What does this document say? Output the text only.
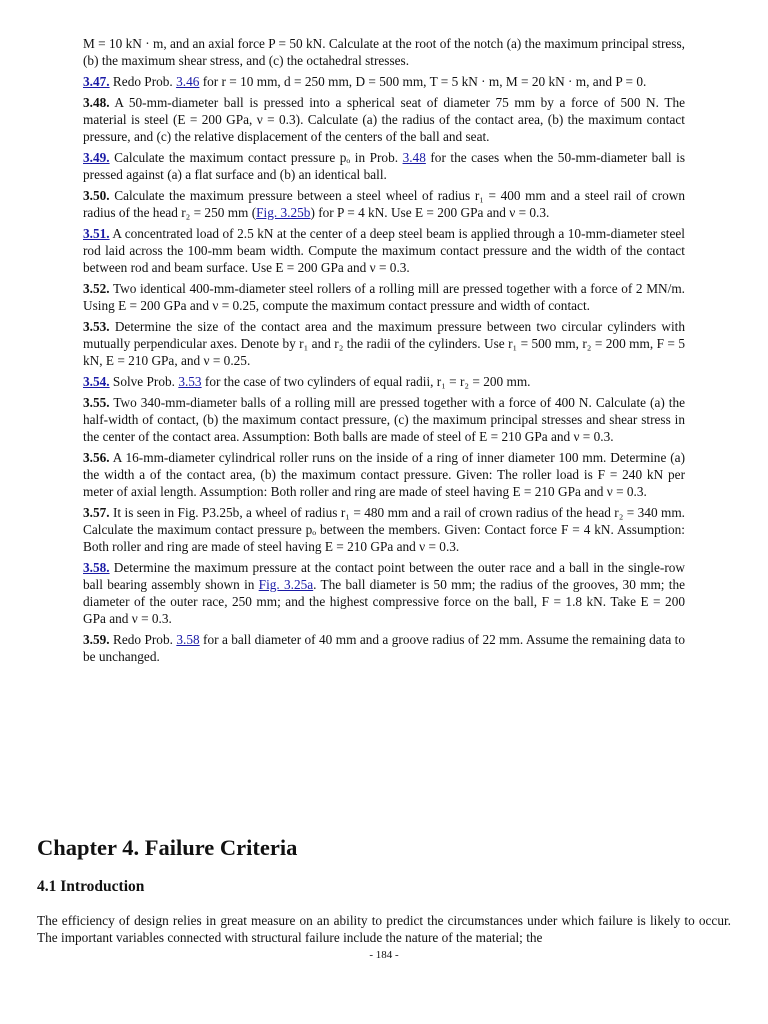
M = 10 kN · m, and an axial force P = 50 kN. Calculate at the root of the notch (a) the maximum principal stress, (b) the maximum shear stress, and (c) the octahedral stresses.

3.47. Redo Prob. 3.46 for r = 10 mm, d = 250 mm, D = 500 mm, T = 5 kN · m, M = 20 kN · m, and P = 0.

3.48. A 50-mm-diameter ball is pressed into a spherical seat of diameter 75 mm by a force of 500 N. The material is steel (E = 200 GPa, ν = 0.3). Calculate (a) the radius of the contact area, (b) the maximum contact pressure, and (c) the relative displacement of the centers of the ball and seat.

3.49. Calculate the maximum contact pressure pₒ in Prob. 3.48 for the cases when the 50-mm-diameter ball is pressed against (a) a flat surface and (b) an identical ball.

3.50. Calculate the maximum pressure between a steel wheel of radius r₁ = 400 mm and a steel rail of crown radius of the head r₂ = 250 mm (Fig. 3.25b) for P = 4 kN. Use E = 200 GPa and ν = 0.3.

3.51. A concentrated load of 2.5 kN at the center of a deep steel beam is applied through a 10-mm-diameter steel rod laid across the 100-mm beam width. Compute the maximum contact pressure and the width of the contact between rod and beam surface. Use E = 200 GPa and ν = 0.3.

3.52. Two identical 400-mm-diameter steel rollers of a rolling mill are pressed together with a force of 2 MN/m. Using E = 200 GPa and ν = 0.25, compute the maximum contact pressure and width of contact.

3.53. Determine the size of the contact area and the maximum pressure between two circular cylinders with mutually perpendicular axes. Denote by r₁ and r₂ the radii of the cylinders. Use r₁ = 500 mm, r₂ = 200 mm, F = 5 kN, E = 210 GPa, and ν = 0.25.

3.54. Solve Prob. 3.53 for the case of two cylinders of equal radii, r₁ = r₂ = 200 mm.

3.55. Two 340-mm-diameter balls of a rolling mill are pressed together with a force of 400 N. Calculate (a) the half-width of contact, (b) the maximum contact pressure, (c) the maximum principal stresses and shear stress in the center of the contact area. Assumption: Both balls are made of steel of E = 210 GPa and ν = 0.3.

3.56. A 16-mm-diameter cylindrical roller runs on the inside of a ring of inner diameter 100 mm. Determine (a) the width a of the contact area, (b) the maximum contact pressure. Given: The roller load is F = 240 kN per meter of axial length. Assumption: Both roller and ring are made of steel having E = 210 GPa and ν = 0.3.

3.57. It is seen in Fig. P3.25b, a wheel of radius r₁ = 480 mm and a rail of crown radius of the head r₂ = 340 mm. Calculate the maximum contact pressure pₒ between the members. Given: Contact force F = 4 kN. Assumption: Both roller and ring are made of steel having E = 210 GPa and ν = 0.3.

3.58. Determine the maximum pressure at the contact point between the outer race and a ball in the single-row ball bearing assembly shown in Fig. 3.25a. The ball diameter is 50 mm; the radius of the grooves, 30 mm; the diameter of the outer race, 250 mm; and the highest compressive force on the ball, F = 1.8 kN. Take E = 200 GPa and ν = 0.3.

3.59. Redo Prob. 3.58 for a ball diameter of 40 mm and a groove radius of 22 mm. Assume the remaining data to be unchanged.

Chapter 4. Failure Criteria
4.1 Introduction

The efficiency of design relies in great measure on an ability to predict the circumstances under which failure is likely to occur. The important variables connected with structural failure include the nature of the material; the

- 184 -
